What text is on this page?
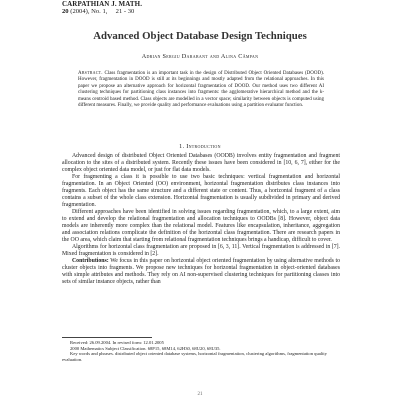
CARPATHIAN J. MATH.
20 (2004), No. 1, 21 - 30
Advanced Object Database Design Techniques
Adrian Sergiu Darabant and Alina Câmpan
Abstract. Class fragmentation is an important task in the design of Distributed Object Oriented Databases (DOOD). However, fragmentation in DOOD is still at its beginnings and mostly adapted from the relational approaches. In this paper we propose an alternative approach for horizontal fragmentation of DOOD. Our method uses two different AI clustering techniques for partitioning class instances into fragments: the agglomerative hierarchical method and the k-means centroid based method. Class objects are modelled in a vector space; similarity between objects is computed using different measures. Finally, we provide quality and performance evaluations using a partition evaluator function.
1. Introduction

Advanced design of distributed Object Oriented Databases (OODB) involves entity fragmentation and fragment allocation to the sites of a distributed system. Recently these issues have been considered in [10, 6, 7], either for the complex object oriented data model, or just for flat data models.

For fragmenting a class it is possible to use two basic techniques: vertical fragmentation and horizontal fragmentation. In an Object Oriented (OO) environment, horizontal fragmentation distributes class instances into fragments. Each object has the same structure and a different state or content. Thus, a horizontal fragment of a class contains a subset of the whole class extension. Horizontal fragmentation is usually subdivided in primary and derived fragmentation.

Different approaches have been identified in solving issues regarding fragmentation, which, to a large extent, aim to extend and develop the relational fragmentation and allocation techniques to OODBs [8]. However, object data models are inherently more complex than the relational model. Features like encapsulation, inheritance, aggregation and association relations complicate the definition of the horizontal class fragmentation. There are research papers in the OO area, which claim that starting from relational fragmentation techniques brings a handicap, difficult to cover.

Algorithms for horizontal class fragmentation are proposed in [6, 3, 11]. Vertical fragmentation is addressed in [7]. Mixed fragmentation is considered in [2].

Contributions: We focus in this paper on horizontal object oriented fragmentation by using alternative methods to cluster objects into fragments. We propose new techniques for horizontal fragmentation in object-oriented databases with simple attributes and methods. They rely on AI non-supervised clustering techniques for partitioning classes into sets of similar instance objects, rather than

Received: 26.09.2004. In revised form: 12.01.2005

2000 Mathematics Subject Classification. 68P15, 68M14, 62H30, 68U20, 68U35.

Key words and phrases. distributed object oriented database systems, horizontal fragmentation, clustering algorithms, fragmentation quality evaluation.

21
